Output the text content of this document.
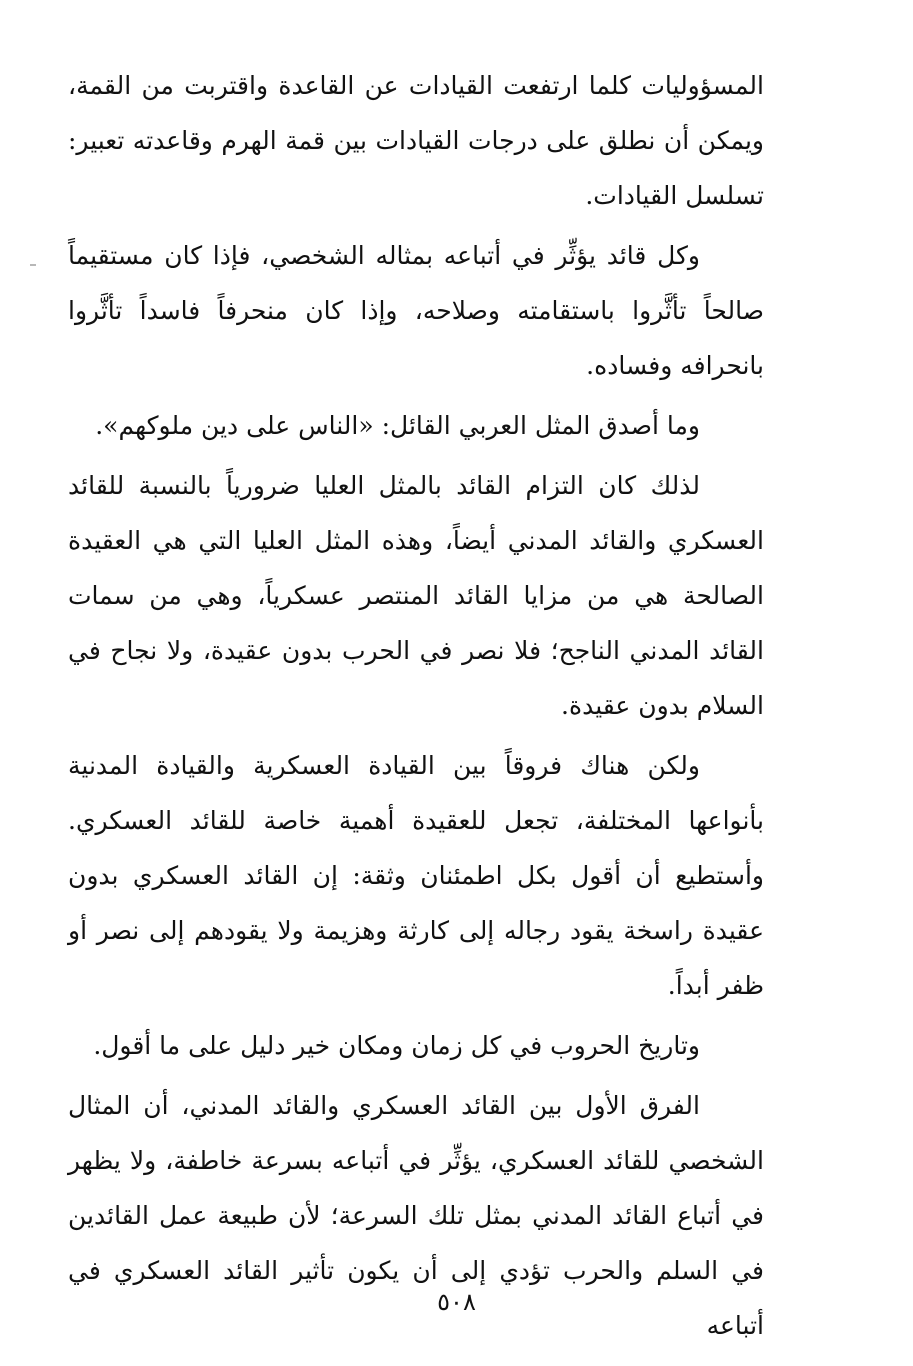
المسؤوليات كلما ارتفعت القيادات عن القاعدة واقتربت من القمة، ويمكن أن نطلق على درجات القيادات بين قمة الهرم وقاعدته تعبير: تسلسل القيادات.

وكل قائد يؤثِّر في أتباعه بمثاله الشخصي، فإذا كان مستقيماً صالحاً تأثَّروا باستقامته وصلاحه، وإذا كان منحرفاً فاسداً تأثَّروا بانحرافه وفساده.

وما أصدق المثل العربي القائل: «الناس على دين ملوكهم».

لذلك كان التزام القائد بالمثل العليا ضرورياً بالنسبة للقائد العسكري والقائد المدني أيضاً، وهذه المثل العليا التي هي العقيدة الصالحة هي من مزايا القائد المنتصر عسكرياً، وهي من سمات القائد المدني الناجح؛ فلا نصر في الحرب بدون عقيدة، ولا نجاح في السلام بدون عقيدة.

ولكن هناك فروقاً بين القيادة العسكرية والقيادة المدنية بأنواعها المختلفة، تجعل للعقيدة أهمية خاصة للقائد العسكري. وأستطيع أن أقول بكل اطمئنان وثقة: إن القائد العسكري بدون عقيدة راسخة يقود رجاله إلى كارثة وهزيمة ولا يقودهم إلى نصر أو ظفر أبداً.

وتاريخ الحروب في كل زمان ومكان خير دليل على ما أقول.

الفرق الأول بين القائد العسكري والقائد المدني، أن المثال الشخصي للقائد العسكري، يؤثِّر في أتباعه بسرعة خاطفة، ولا يظهر في أتباع القائد المدني بمثل تلك السرعة؛ لأن طبيعة عمل القائدين في السلم والحرب تؤدي إلى أن يكون تأثير القائد العسكري في أتباعه

٥٠٨
